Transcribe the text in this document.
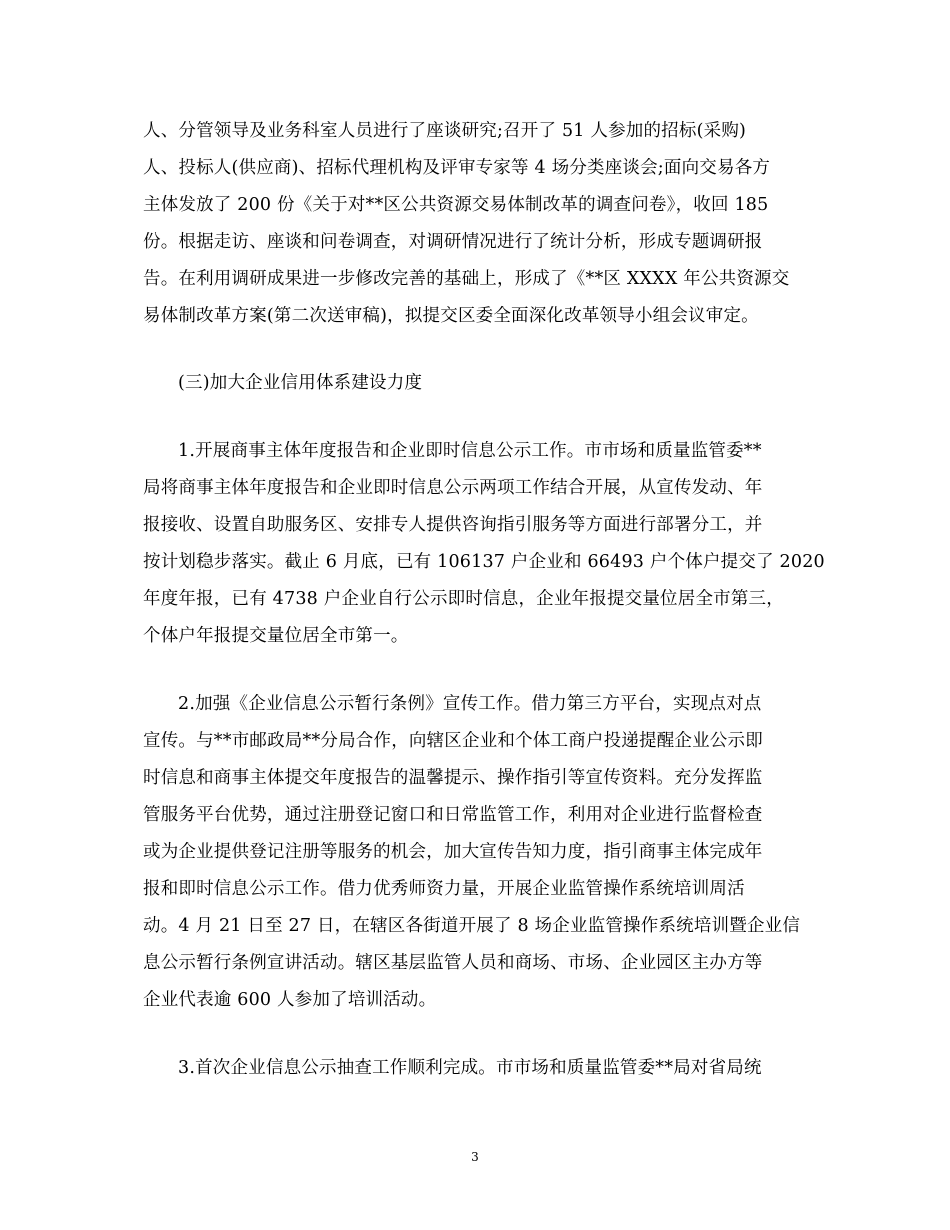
人、分管领导及业务科室人员进行了座谈研究;召开了 51 人参加的招标(采购)
人、投标人(供应商)、招标代理机构及评审专家等 4 场分类座谈会;面向交易各方
主体发放了 200 份《关于对**区公共资源交易体制改革的调查问卷》，收回 185
份。根据走访、座谈和问卷调查，对调研情况进行了统计分析，形成专题调研报
告。在利用调研成果进一步修改完善的基础上，形成了《**区 XXXX 年公共资源交
易体制改革方案(第二次送审稿)，拟提交区委全面深化改革领导小组会议审定。
(三)加大企业信用体系建设力度
1.开展商事主体年度报告和企业即时信息公示工作。市市场和质量监管委**
局将商事主体年度报告和企业即时信息公示两项工作结合开展，从宣传发动、年
报接收、设置自助服务区、安排专人提供咨询指引服务等方面进行部署分工，并
按计划稳步落实。截止 6 月底，已有 106137 户企业和 66493 户个体户提交了 2020
年度年报，已有 4738 户企业自行公示即时信息，企业年报提交量位居全市第三，
个体户年报提交量位居全市第一。
2.加强《企业信息公示暂行条例》宣传工作。借力第三方平台，实现点对点
宣传。与**市邮政局**分局合作，向辖区企业和个体工商户投递提醒企业公示即
时信息和商事主体提交年度报告的温馨提示、操作指引等宣传资料。充分发挥监
管服务平台优势，通过注册登记窗口和日常监管工作，利用对企业进行监督检查
或为企业提供登记注册等服务的机会，加大宣传告知力度，指引商事主体完成年
报和即时信息公示工作。借力优秀师资力量，开展企业监管操作系统培训周活
动。4 月 21 日至 27 日，在辖区各街道开展了 8 场企业监管操作系统培训暨企业信
息公示暂行条例宣讲活动。辖区基层监管人员和商场、市场、企业园区主办方等
企业代表逾 600 人参加了培训活动。
3.首次企业信息公示抽查工作顺利完成。市市场和质量监管委**局对省局统
3
